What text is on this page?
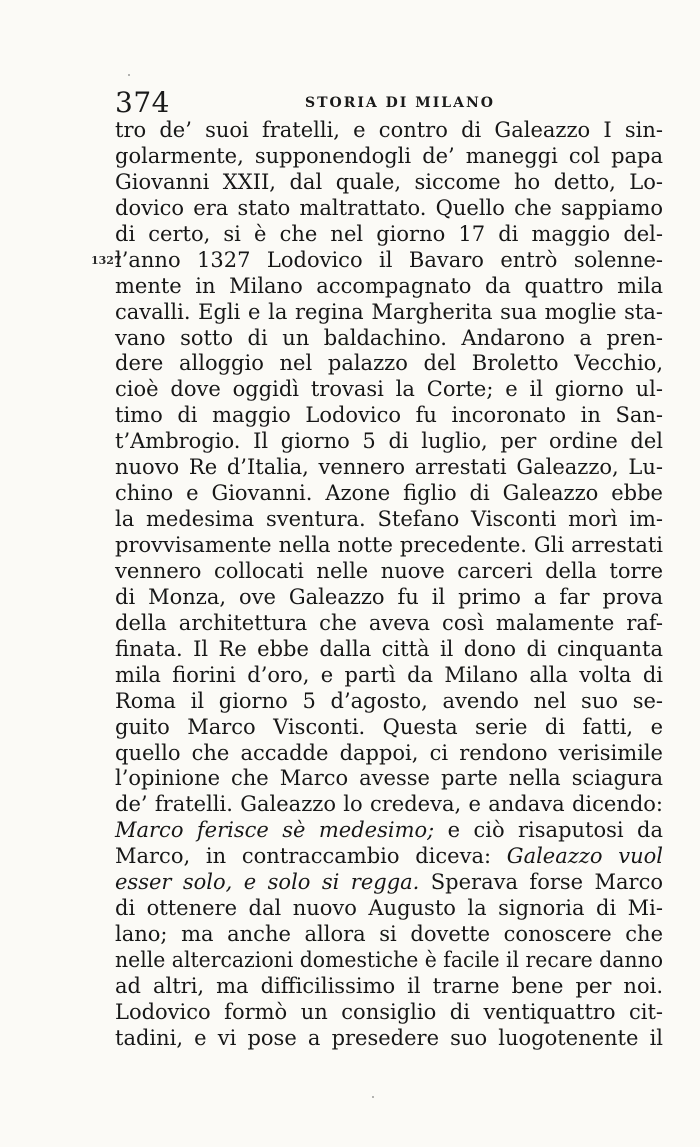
374	STORIA DI MILANO
tro de’ suoi fratelli, e contro di Galeazzo I sin-
golarmente, supponendogli de’ maneggi col papa
Giovanni XXII, dal quale, siccome ho detto, Lo-
dovico era stato maltrattato. Quello che sappiamo
di certo, si è che nel giorno 17 di maggio del-
1327
l’anno 1327 Lodovico il Bavaro entrò solenne-
mente in Milano accompagnato da quattro mila
cavalli. Egli e la regina Margherita sua moglie sta-
vano sotto di un baldachino. Andarono a pren-
dere alloggio nel palazzo del Broletto Vecchio,
cioè dove oggidì trovasi la Corte; e il giorno ul-
timo di maggio Lodovico fu incoronato in San-
t’Ambrogio. Il giorno 5 di luglio, per ordine del
nuovo Re d’Italia, vennero arrestati Galeazzo, Lu-
chino e Giovanni. Azone figlio di Galeazzo ebbe
la medesima sventura. Stefano Visconti morì im-
provvisamente nella notte precedente. Gli arrestati
vennero collocati nelle nuove carceri della torre
di Monza, ove Galeazzo fu il primo a far prova
della architettura che aveva così malamente raf-
finata. Il Re ebbe dalla città il dono di cinquanta
mila fiorini d’oro, e partì da Milano alla volta di
Roma il giorno 5 d’agosto, avendo nel suo se-
guito Marco Visconti. Questa serie di fatti, e
quello che accadde dappoi, ci rendono verisimile
l’opinione che Marco avesse parte nella sciagura
de’ fratelli. Galeazzo lo credeva, e andava dicendo:
Marco ferisce sè medesimo; e ciò risaputosi da
Marco, in contraccambio diceva: Galeazzo vuol
esser solo, e solo si regga. Sperava forse Marco
di ottenere dal nuovo Augusto la signoria di Mi-
lano; ma anche allora si dovette conoscere che
nelle altercazioni domestiche è facile il recare danno
ad altri, ma difficilissimo il trarne bene per noi.
Lodovico formò un consiglio di ventiquattro cit-
tadini, e vi pose a presedere suo luogotenente il
